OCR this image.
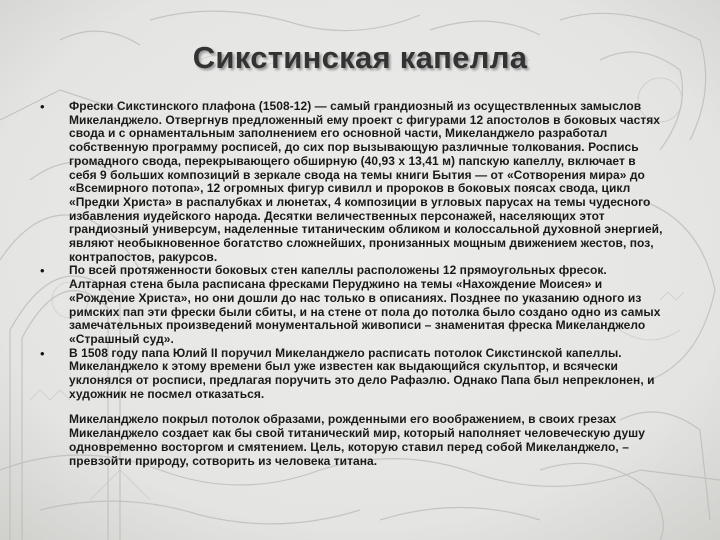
Сикстинская капелла
• Фрески Сикстинского плафона (1508-12) — самый грандиозный из осуществленных замыслов Микеланджело. Отвергнув предложенный ему проект с фигурами 12 апостолов в боковых частях свода и с орнаментальным заполнением его основной части, Микеланджело разработал собственную программу росписей, до сих пор вызывающую различные толкования. Роспись громадного свода, перекрывающего обширную (40,93 х 13,41 м) папскую капеллу, включает в себя 9 больших композиций в зеркале свода на темы книги Бытия — от «Сотворения мира» до «Всемирного потопа», 12 огромных фигур сивилл и пророков в боковых поясах свода, цикл «Предки Христа» в распалубках и люнетах, 4 композиции в угловых парусах на темы чудесного избавления иудейского народа. Десятки величественных персонажей, населяющих этот грандиозный универсум, наделенные титаническим обликом и колоссальной духовной энергией, являют необыкновенное богатство сложнейших, пронизанных мощным движением жестов, поз, контрапостов, ракурсов.
• По всей протяженности боковых стен капеллы расположены 12 прямоугольных фресок. Алтарная стена была расписана фресками Перуджино на темы «Нахождение Моисея» и «Рождение Христа», но они дошли до нас только в описаниях. Позднее по указанию одного из римских пап эти фрески были сбиты, и на стене от пола до потолка было создано одно из самых замечательных произведений монументальной живописи – знаменитая фреска Микеланджело «Страшный суд».
• В 1508 году папа Юлий II поручил Микеланджело расписать потолок Сикстинской капеллы. Микеланджело к этому времени был уже известен как выдающийся скульптор, и всячески уклонялся от росписи, предлагая поручить это дело Рафаэлю. Однако Папа был непреклонен, и художник не посмел отказаться.
Микеланджело покрыл потолок образами, рожденными его воображением, в своих грезах Микеланджело создает как бы свой титанический мир, который наполняет человеческую душу одновременно восторгом и смятением. Цель, которую ставил перед собой Микеланджело, – превзойти природу, сотворить из человека титана.
